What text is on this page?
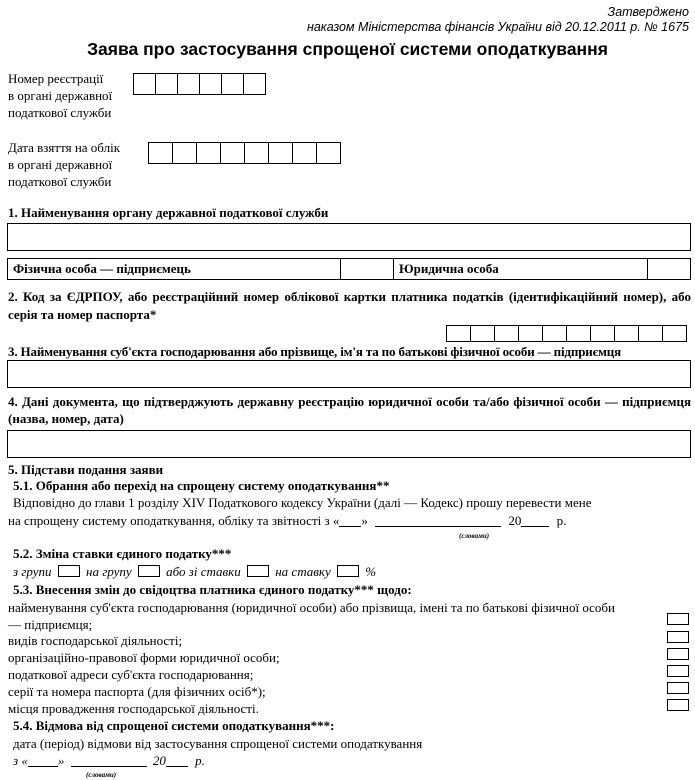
Затверджено
наказом Міністерства фінансів України від 20.12.2011 р. № 1675
Заява про застосування спрощеної системи оподаткування
Номер реєстрації
в органі державної
податкової служби
Дата взяття на облік
в органі державної
податкової служби
1. Найменування органу державної податкової служби
Фізична особа — підприємець	Юридична особа
2. Код за ЄДРПОУ, або реєстраційний номер облікової картки платника податків (ідентифікаційний номер), або серія та номер паспорта*
3. Найменування суб'єкта господарювання або прізвище, ім'я та по батькові фізичної особи — підприємця
4. Дані документа, що підтверджують державну реєстрацію юридичної особи та/або фізичної особи — підприємця (назва, номер, дата)
5. Підстави подання заяви
5.1. Обрання або перехід на спрощену систему оподаткування**
Відповідно до глави 1 розділу XIV Податкового кодексу України (далі — Кодекс) прошу перевести мене
на спрощену систему оподаткування, обліку та звітності з « »	20	р.
(словами)
5.2. Зміна ставки єдиного податку***
з групи	на групу	або зі ставки	на ставку	%
5.3. Внесення змін до свідоцтва платника єдиного податку*** щодо:
найменування суб'єкта господарювання (юридичної особи) або прізвища, імені та по батькові фізичної особи — підприємця;
видів господарської діяльності;
організаційно-правової форми юридичної особи;
податкової адреси суб'єкта господарювання;
серії та номера паспорта (для фізичних осіб*);
місця провадження господарської діяльності.
5.4. Відмова від спрощеної системи оподаткування***:
дата (період) відмови від застосування спрощеної системи оподаткування
з « »	20 р.
(словами)
